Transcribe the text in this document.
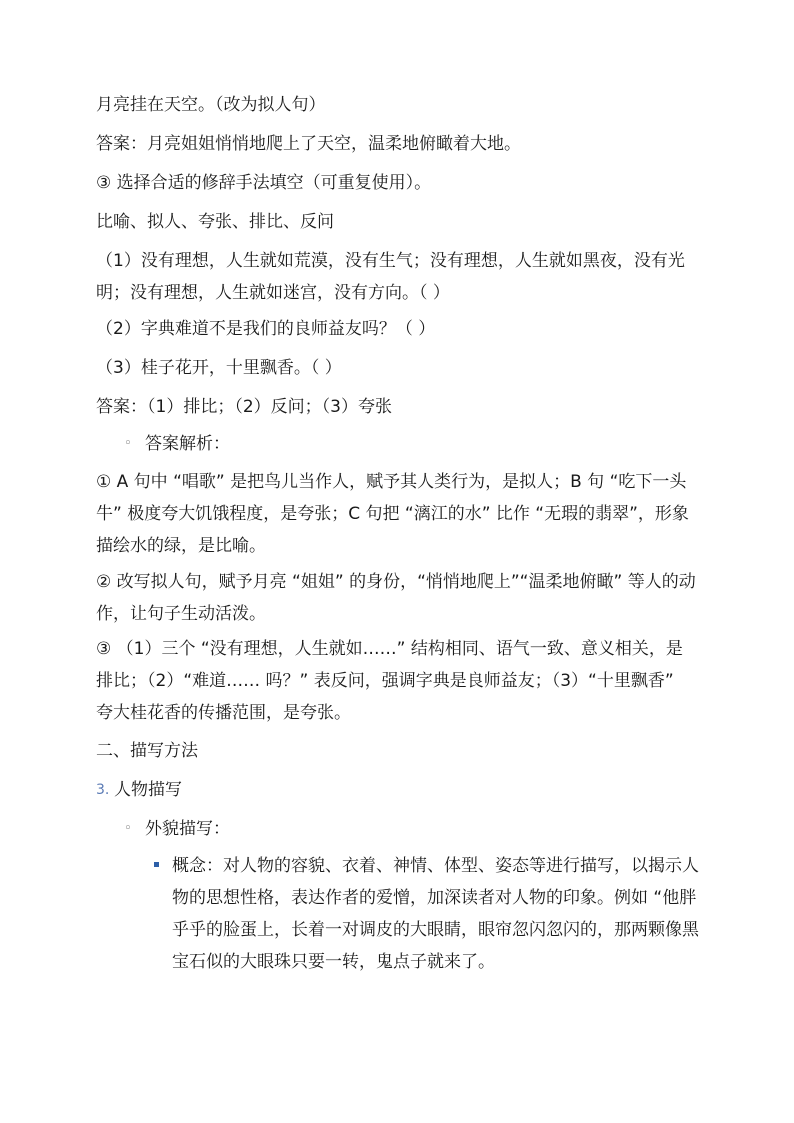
月亮挂在天空。（改为拟人句）
答案：月亮姐姐悄悄地爬上了天空，温柔地俯瞰着大地。
③ 选择合适的修辞手法填空（可重复使用）。
比喻、拟人、夸张、排比、反问
（1）没有理想，人生就如荒漠，没有生气；没有理想，人生就如黑夜，没有光明；没有理想，人生就如迷宫，没有方向。（ ）
（2）字典难道不是我们的良师益友吗？（ ）
（3）桂子花开，十里飘香。（ ）
答案：（1）排比；（2）反问；（3）夸张
◦ 答案解析：
① A 句中 “唱歌” 是把鸟儿当作人，赋予其人类行为，是拟人；B 句 “吃下一头牛” 极度夸大饥饿程度，是夸张；C 句把 “漓江的水” 比作 “无瑕的翡翠”，形象描绘水的绿，是比喻。
② 改写拟人句，赋予月亮 “姐姐” 的身份，“悄悄地爬上”“温柔地俯瞰” 等人的动作，让句子生动活泼。
③ （1）三个 “没有理想，人生就如……” 结构相同、语气一致、意义相关，是排比；（2）“难道…… 吗？” 表反问，强调字典是良师益友；（3）“十里飘香” 夸大桂花香的传播范围，是夸张。
二、描写方法
3. 人物描写
◦ 外貌描写：
概念：对人物的容貌、衣着、神情、体型、姿态等进行描写，以揭示人物的思想性格，表达作者的爱憎，加深读者对人物的印象。例如 “他胖乎乎的脸蛋上，长着一对调皮的大眼睛，眼帘忽闪忽闪的，那两颗像黑宝石似的大眼珠只要一转，鬼点子就来了。
